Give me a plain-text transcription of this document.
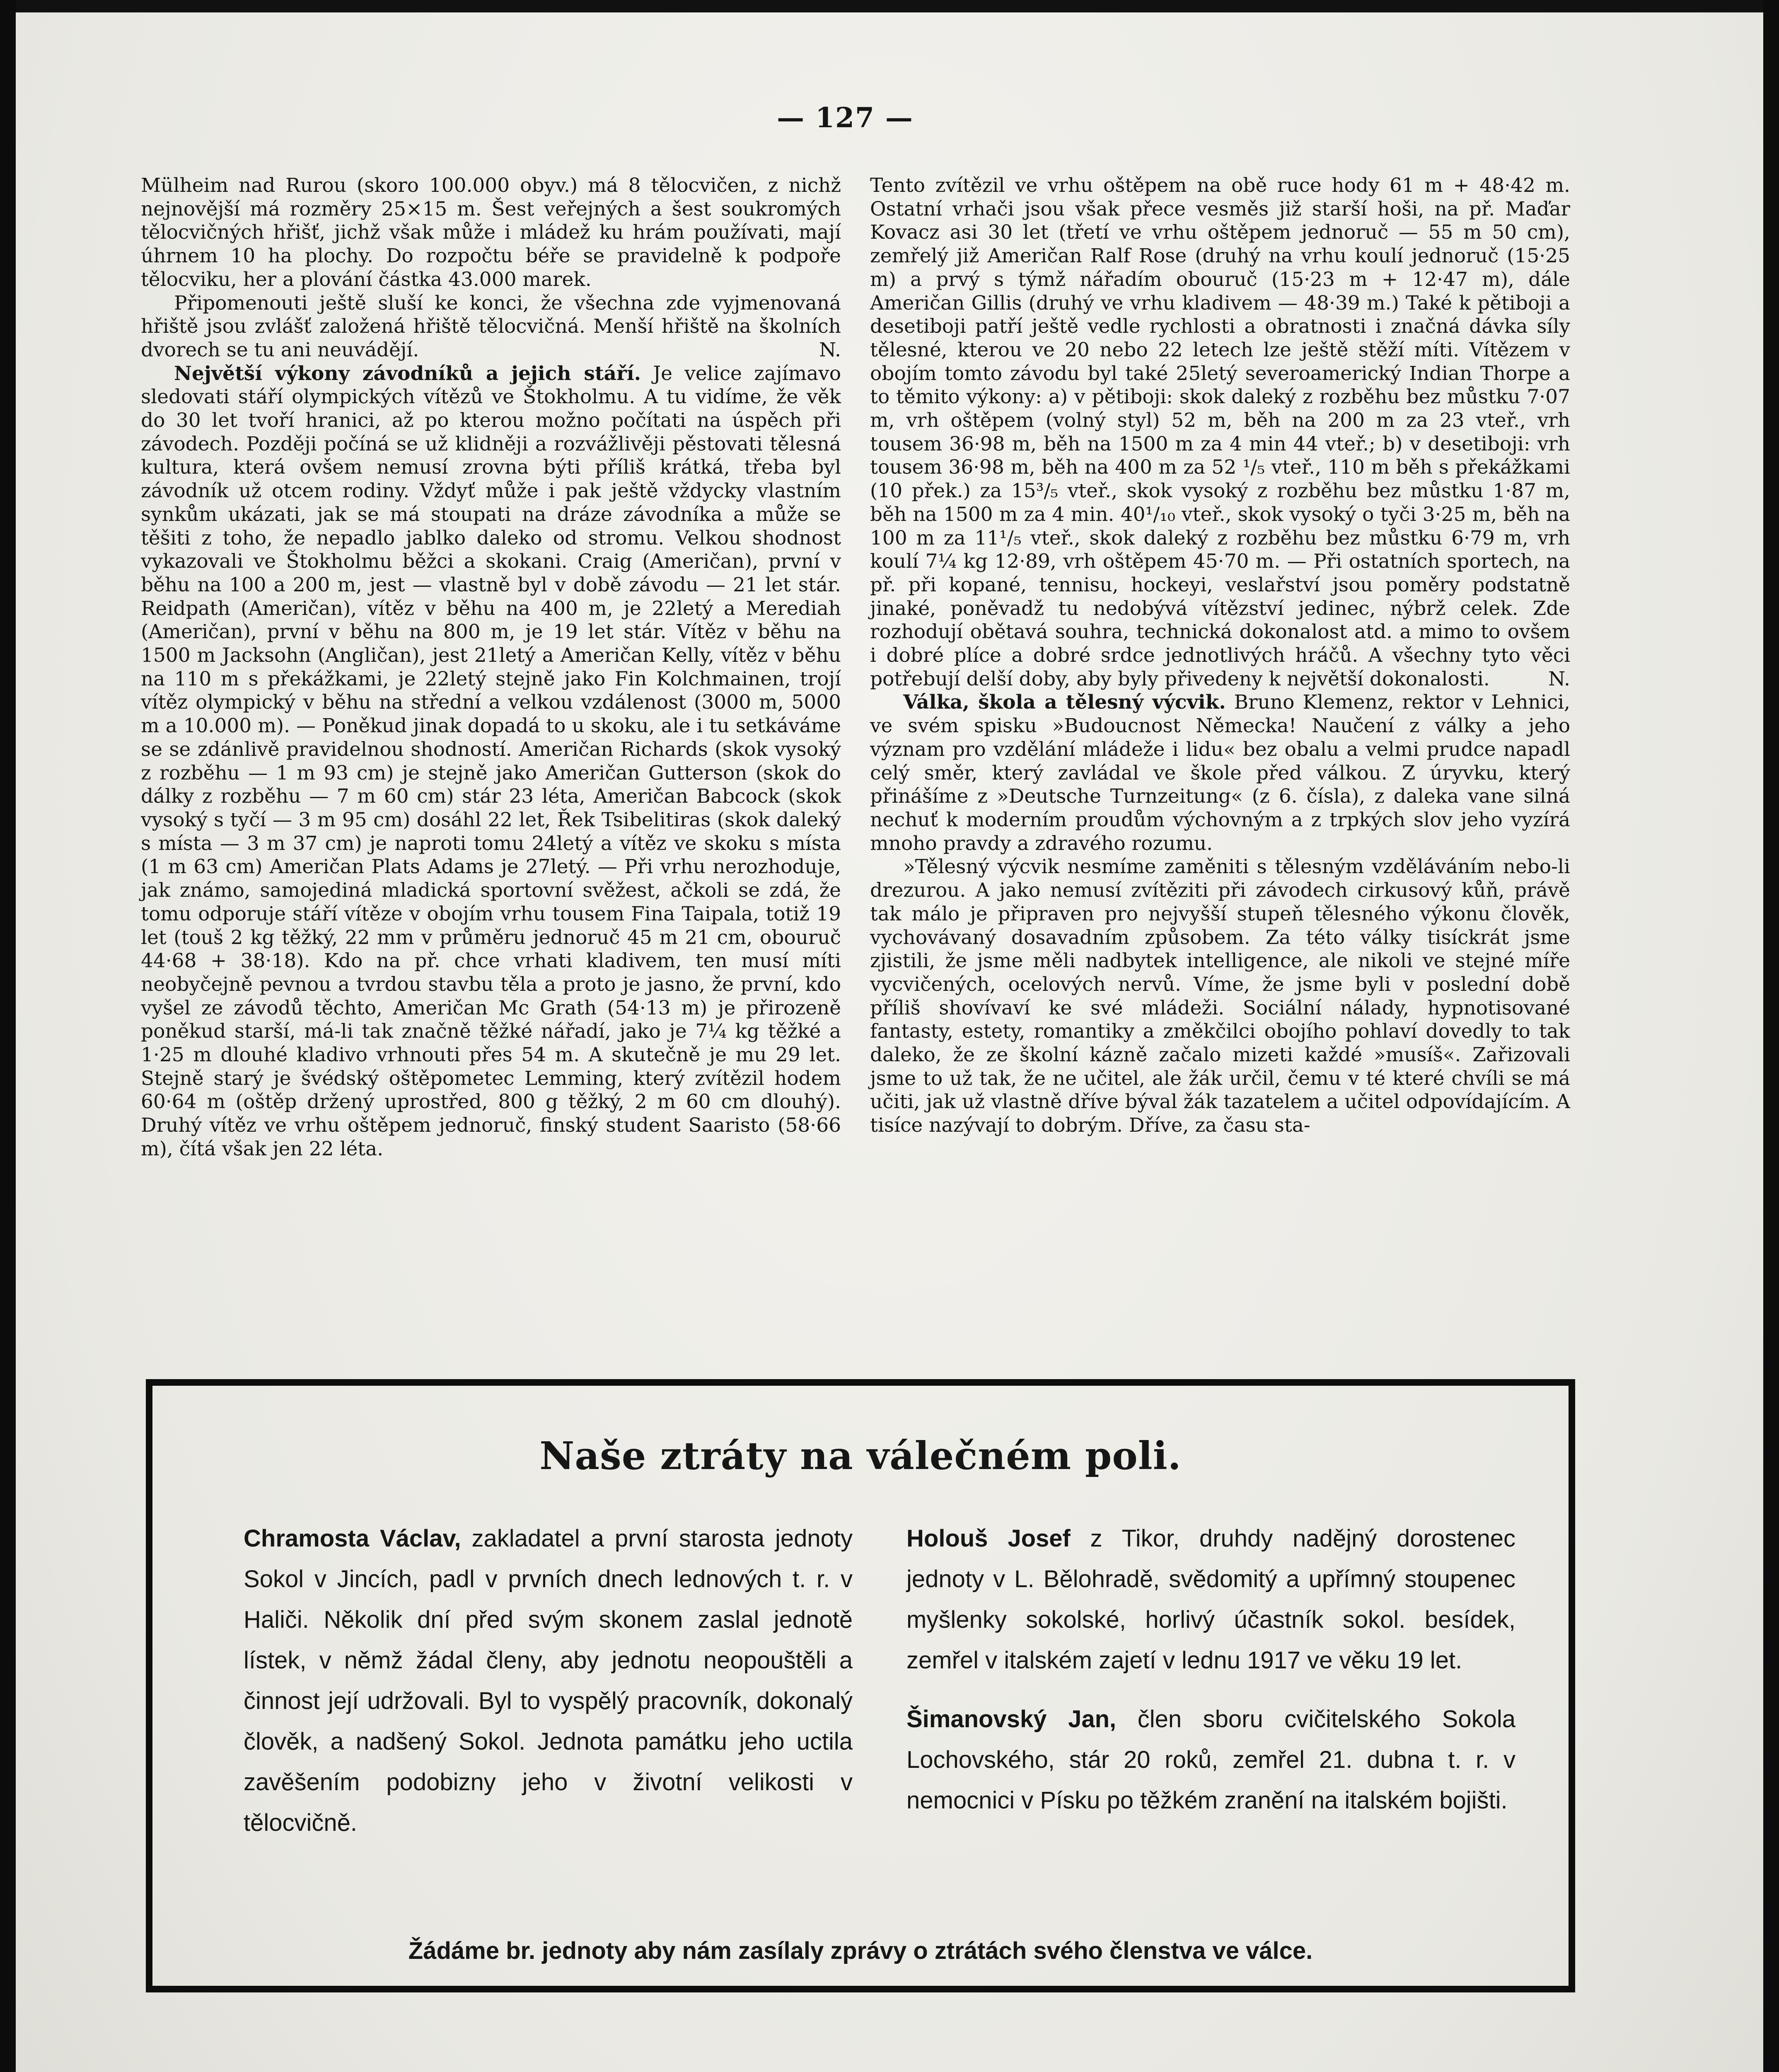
— 127 —

Mülheim nad Rurou (skoro 100.000 obyv.) má 8 tělocvičen, z nichž nejnovější má rozměry 25×15 m. Šest veřejných a šest soukromých tělocvičných hřišť, jichž však může i mládež ku hrám používati, mají úhrnem 10 ha plochy. Do rozpočtu béře se pravidelně k podpoře tělocviku, her a plování částka 43.000 marek.

Připomenouti ještě sluší ke konci, že všechna zde vyjmenovaná hřiště jsou zvlášť založená hřiště tělocvičná. Menší hřiště na školních dvorech se tu ani neuvádějí.	N.

Největší výkony závodníků a jejich stáří. Je velice zajímavo sledovati stáří olympických vítězů ve Štokholmu. A tu vidíme, že věk do 30 let tvoří hranici, až po kterou možno počítati na úspěch při závodech. Později počíná se už klidněji a rozvážlivěji pěstovati tělesná kultura, která ovšem nemusí zrovna býti příliš krátká, třeba byl závodník už otcem rodiny. Vždyť může i pak ještě vždycky vlastním synkům ukázati, jak se má stoupati na dráze závodníka a může se těšiti z toho, že nepadlo jablko daleko od stromu. Velkou shodnost vykazovali ve Štokholmu běžci a skokani. Craig (Američan), první v běhu na 100 a 200 m, jest — vlastně byl v době závodu — 21 let stár. Reidpath (Američan), vítěz v běhu na 400 m, je 22letý a Merediah (Američan), první v běhu na 800 m, je 19 let stár. Vítěz v běhu na 1500 m Jacksohn (Angličan), jest 21letý a Američan Kelly, vítěz v běhu na 110 m s překážkami, je 22letý stejně jako Fin Kolchmainen, trojí vítěz olympický v běhu na střední a velkou vzdálenost (3000 m, 5000 m a 10.000 m). — Poněkud jinak dopadá to u skoku, ale i tu setkáváme se se zdánlivě pravidelnou shodností. Američan Richards (skok vysoký z rozběhu — 1 m 93 cm) je stejně jako Američan Gutterson (skok do dálky z rozběhu — 7 m 60 cm) stár 23 léta, Američan Babcock (skok vysoký s tyčí — 3 m 95 cm) dosáhl 22 let, Řek Tsibelitiras (skok daleký s místa — 3 m 37 cm) je naproti tomu 24letý a vítěz ve skoku s místa (1 m 63 cm) Američan Plats Adams je 27letý. — Při vrhu nerozhoduje, jak známo, samojediná mladická sportovní svěžest, ačkoli se zdá, že tomu odporuje stáří vítěze v obojím vrhu tousem Fina Taipala, totiž 19 let (touš 2 kg těžký, 22 mm v průměru jednoruč 45 m 21 cm, obouruč 44·68 + 38·18). Kdo na př. chce vrhati kladivem, ten musí míti neobyčejně pevnou a tvrdou stavbu těla a proto je jasno, že první, kdo vyšel ze závodů těchto, Američan Mc Grath (54·13 m) je přirozeně poněkud starší, má-li tak značně těžké nářadí, jako je 7¼ kg těžké a 1·25 m dlouhé kladivo vrhnouti přes 54 m. A skutečně je mu 29 let. Stejně starý je švédský oštěpometec Lemming, který zvítězil hodem 60·64 m (oštěp držený uprostřed, 800 g těžký, 2 m 60 cm dlouhý). Druhý vítěz ve vrhu oštěpem jednoruč, finský student Saaristo (58·66 m), čítá však jen 22 léta.

Tento zvítězil ve vrhu oštěpem na obě ruce hody 61 m + 48·42 m. Ostatní vrhači jsou však přece vesměs již starší hoši, na př. Maďar Kovacz asi 30 let (třetí ve vrhu oštěpem jednoruč — 55 m 50 cm), zemřelý již Američan Ralf Rose (druhý na vrhu koulí jednoruč (15·25 m) a prvý s týmž nářadím obouruč (15·23 m + 12·47 m), dále Američan Gillis (druhý ve vrhu kladivem — 48·39 m.) Také k pětiboji a desetiboji patří ještě vedle rychlosti a obratnosti i značná dávka síly tělesné, kterou ve 20 nebo 22 letech lze ještě stěží míti. Vítězem v obojím tomto závodu byl také 25letý severoamerický Indian Thorpe a to těmito výkony: a) v pětiboji: skok daleký z rozběhu bez můstku 7·07 m, vrh oštěpem (volný styl) 52 m, běh na 200 m za 23 vteř., vrh tousem 36·98 m, běh na 1500 m za 4 min 44 vteř.; b) v desetiboji: vrh tousem 36·98 m, běh na 400 m za 52 ¹/₅ vteř., 110 m běh s překážkami (10 přek.) za 15³/₅ vteř., skok vysoký z rozběhu bez můstku 1·87 m, běh na 1500 m za 4 min. 40¹/₁₀ vteř., skok vysoký o tyči 3·25 m, běh na 100 m za 11¹/₅ vteř., skok daleký z rozběhu bez můstku 6·79 m, vrh koulí 7¼ kg 12·89, vrh oštěpem 45·70 m. — Při ostatních sportech, na př. při kopané, tennisu, hockeyi, veslařství jsou poměry podstatně jinaké, poněvadž tu nedobývá vítězství jedinec, nýbrž celek. Zde rozhodují obětavá souhra, technická dokonalost atd. a mimo to ovšem i dobré plíce a dobré srdce jednotlivých hráčů. A všechny tyto věci potřebují delší doby, aby byly přivedeny k největší dokonalosti.	N.

Válka, škola a tělesný výcvik. Bruno Klemenz, rektor v Lehnici, ve svém spisku »Budoucnost Německa! Naučení z války a jeho význam pro vzdělání mládeže i lidu« bez obalu a velmi prudce napadl celý směr, který zavládal ve škole před válkou. Z úryvku, který přinášíme z »Deutsche Turnzeitung« (z 6. čísla), z daleka vane silná nechuť k moderním proudům výchovným a z trpkých slov jeho vyzírá mnoho pravdy a zdravého rozumu.

»Tělesný výcvik nesmíme zaměniti s tělesným vzděláváním nebo-li drezurou. A jako nemusí zvítěziti při závodech cirkusový kůň, právě tak málo je připraven pro nejvyšší stupeň tělesného výkonu člověk, vychovávaný dosavadním způsobem. Za této války tisíckrát jsme zjistili, že jsme měli nadbytek intelligence, ale nikoli ve stejné míře vycvičených, ocelových nervů. Víme, že jsme byli v poslední době příliš shovívaví ke své mládeži. Sociální nálady, hypnotisované fantasty, estety, romantiky a změkčilci obojího pohlaví dovedly to tak daleko, že ze školní kázně začalo mizeti každé »musíš«. Zařizovali jsme to už tak, že ne učitel, ale žák určil, čemu v té které chvíli se má učiti, jak už vlastně dříve býval žák tazatelem a učitel odpovídajícím. A tisíce nazývají to dobrým. Dříve, za času sta-

Naše ztráty na válečném poli.

Chramosta Václav, zakladatel a první starosta jednoty Sokol v Jincích, padl v prvních dnech lednových t. r. v Haliči. Několik dní před svým skonem zaslal jednotě lístek, v němž žádal členy, aby jednotu neopouštěli a činnost její udržovali. Byl to vyspělý pracovník, dokonalý člověk, a nadšený Sokol. Jednota památku jeho uctila zavěšením podobizny jeho v životní velikosti v tělocvičně.

Holouš Josef z Tikor, druhdy nadějný dorostenec jednoty v L. Bělohradě, svědomitý a upřímný stoupenec myšlenky sokolské, horlivý účastník sokol. besídek, zemřel v italském zajetí v lednu 1917 ve věku 19 let.

Šimanovský Jan, člen sboru cvičitelského Sokola Lochovského, stár 20 roků, zemřel 21. dubna t. r. v nemocnici v Písku po těžkém zranění na italském bojišti.

Žádáme br. jednoty aby nám zasílaly zprávy o ztrátách svého členstva ve válce.
